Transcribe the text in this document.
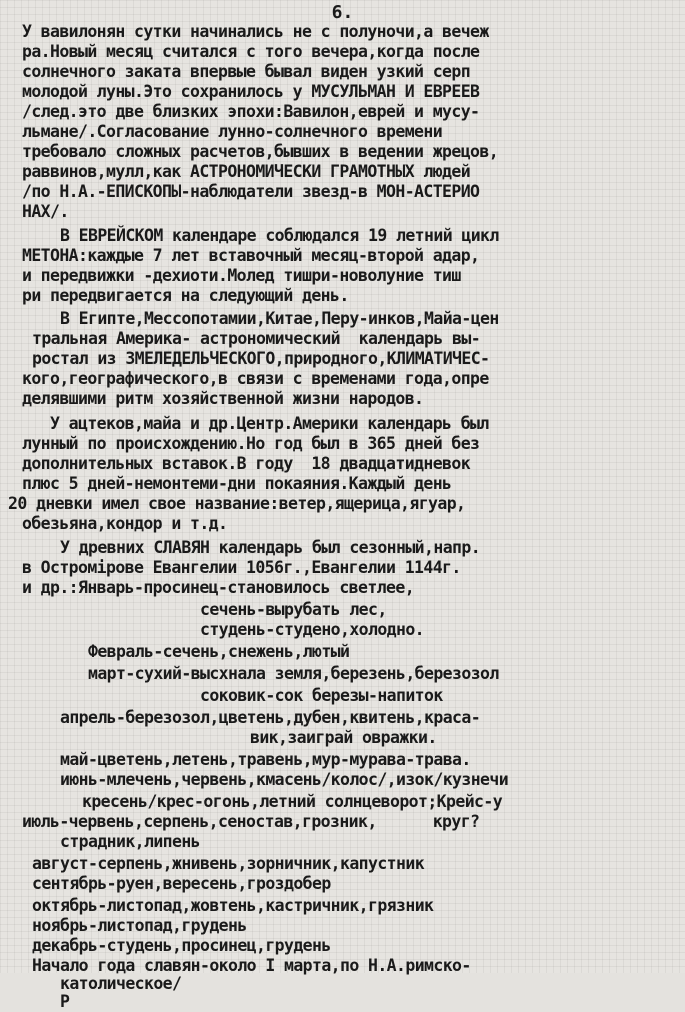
6.
У вавилонян сутки начинались не с полуночи,а вечеж
ра.Новый месяц считался с того вечера,когда после
солнечного заката впервые бывал виден узкий серп
молодой луны.Это сохранилось у МУСУЛЬМАН И ЕВРЕЕВ
/след.это две близких эпохи:Вавилон,еврей и мусу-
льмане/.Согласование лунно-солнечного времени
требовало сложных расчетов,бывших в ведении жрецов,
раввинов,мулл,как АСТРОНОМИЧЕСКИ ГРАМОТНЫХ людей
/по Н.А.-ЕПИСКОПЫ-наблюдатели звезд-в МОН-АСТЕРИО
НАХ/.
В ЕВРЕЙСКОМ календаре соблюдался 19 летний цикл
МЕТОНА:каждые 7 лет вставочный месяц-второй адар,
и передвижки -дехиоти.Молед тишри-новолуние тиш
ри передвигается на следующий день.
В Египте,Мессопотамии,Китае,Перу-инков,Майа-цен
тральная Америка- астрономический  календарь вы-
ростал из ЗМЕЛЕДЕЛЬЧЕСКОГО,природного,КЛИМАТИЧЕС-
кого,географического,в связи с временами года,опре
делявшими ритм хозяйственной жизни народов.
У ацтеков,майа и др.Центр.Америки календарь был
лунный по происхождению.Но год был в 365 дней без
дополнительных вставок.В году  18 двадцатидневок
плюс 5 дней-немонтеми-дни покаяния.Каждый день
20 дневки имел свое название:ветер,ящерица,ягуар,
обезьяна,кондор и т.д.
У древних СЛАВЯН календарь был сезонный,напр.
в Остромiрове Евангелии 1056г.,Евангелии 1144г.
и др.:Январь-просинец-становилось светлее,
сечень-вырубать лес,
студень-студено,холодно.
Февраль-сечень,снежень,лютый
март-сухий-высхнала земля,березень,березозол
соковик-сок березы-напиток
апрель-березозол,цветень,дубен,квитень,краса-
вик,заиграй овражки.
май-цветень,летень,травень,мур-мурава-трава.
июнь-млечень,червень,кмасень/колос/,изок/кузнечи
кресень/крес-огонь,летний солнцеворот;Крейс-у
июль-червень,серпень,сеностав,грозник,      круг?
страдник,липень
август-серпень,жнивень,зорничник,капустник
сентябрь-руен,вересень,гроздобер
октябрь-листопад,жовтень,кастричник,грязник
ноябрь-листопад,грудень
декабрь-студень,просинец,грудень
Начало года славян-около I марта,по Н.А.римско-
католическое/
Р
